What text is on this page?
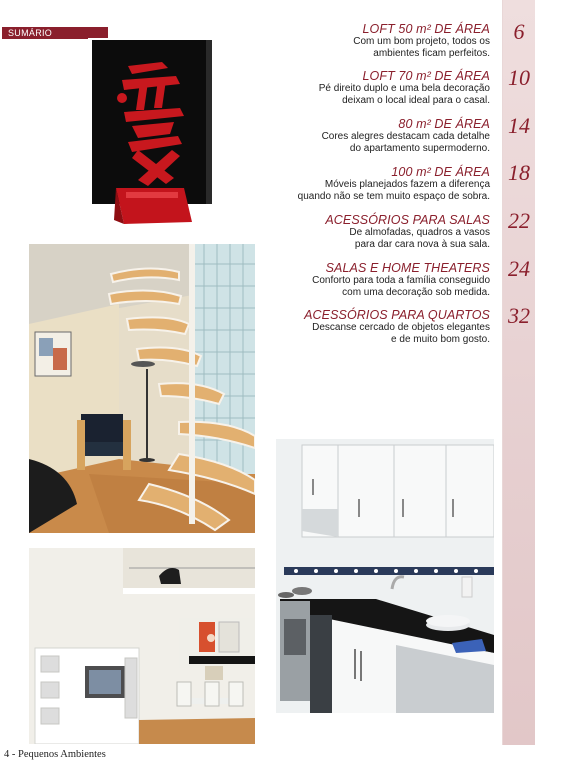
SUMÁRIO	6
10
14
18
22
24
32
LOFT 50 m² DE ÁREA
Com um bom projeto, todos os
ambientes ficam perfeitos.
LOFT 70 m² DE ÁREA
Pé direito duplo e uma bela decoração
deixam o local ideal para o casal.
80 m² DE ÁREA
Cores alegres destacam cada detalhe
do apartamento supermoderno.
100 m² DE ÁREA
Móveis planejados fazem a diferença
quando não se tem muito espaço de sobra.
ACESSÓRIOS PARA SALAS
De almofadas, quadros a vasos
para dar cara nova à sua sala.
SALAS E HOME THEATERS
Conforto para toda a família conseguido
com uma decoração sob medida.
ACESSÓRIOS PARA QUARTOS
Descanse cercado de objetos elegantes
e de muito bom gosto.
4 - Pequenos Ambientes
